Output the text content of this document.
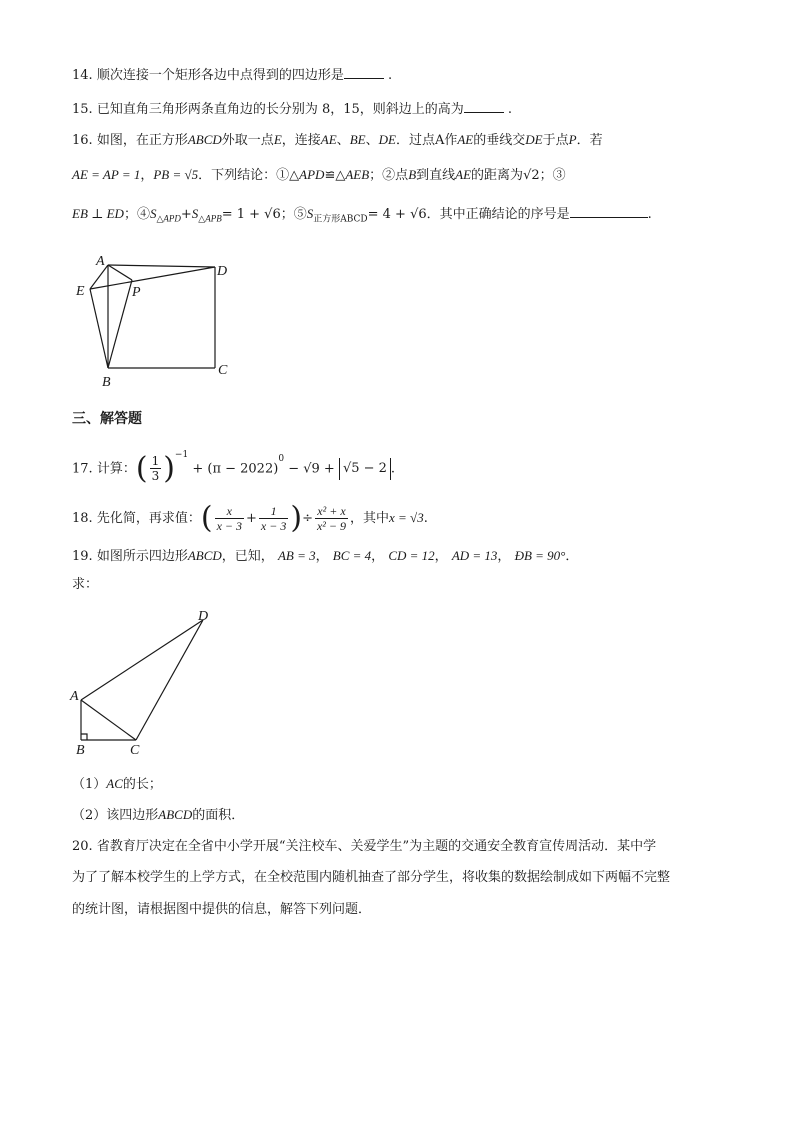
14. 顺次连接一个矩形各边中点得到的四边形是	.
15. 已知直角三角形两条直角边的长分别为 8，15，则斜边上的高为	.
16. 如图，在正方形ABCD外取一点E，连接AE、BE、DE．过点A作AE的垂线交DE于点P．若
AE = AP = 1，PB = √5．下列结论：①△APD≌△AEB；②点B到直线AE的距离为√2；③
EB ⊥ ED；$④S_{\triangle APD}+S_{\triangle APB}= 1 + √6$；$⑤S_{正方形ABCD}= 4 + √6$．其中正确结论的序号是	.
A
D
E	P
B
C
三、解答题
17. 计算：( $\frac{1}{3} )^{-1} + (\pi - 2022)^0 - √9 + √5 - 2$ .
18. 先化简，再求值：( $\frac{x}{x - 3} + \frac{1}{x - 3}$ )÷ $\frac{\text{x² + x}}{\text{x² − 9}}$ ，其中x = √3.
19. 如图所示四边形ABCD，已知， AB = 3， BC = 4， CD = 12， AD = 13， ÐB = 90°．
求：
D
A
B	C
（1）AC的长；
（2）该四边形ABCD的面积．
20. 省教育厅决定在全省中小学开展“关注校车、关爱学生”为主题的交通安全教育宣传周活动．某中学
为了了解本校学生的上学方式，在全校范围内随机抽查了部分学生，将收集的数据绘制成如下两幅不完整
的统计图，请根据图中提供的信息，解答下列问题．
